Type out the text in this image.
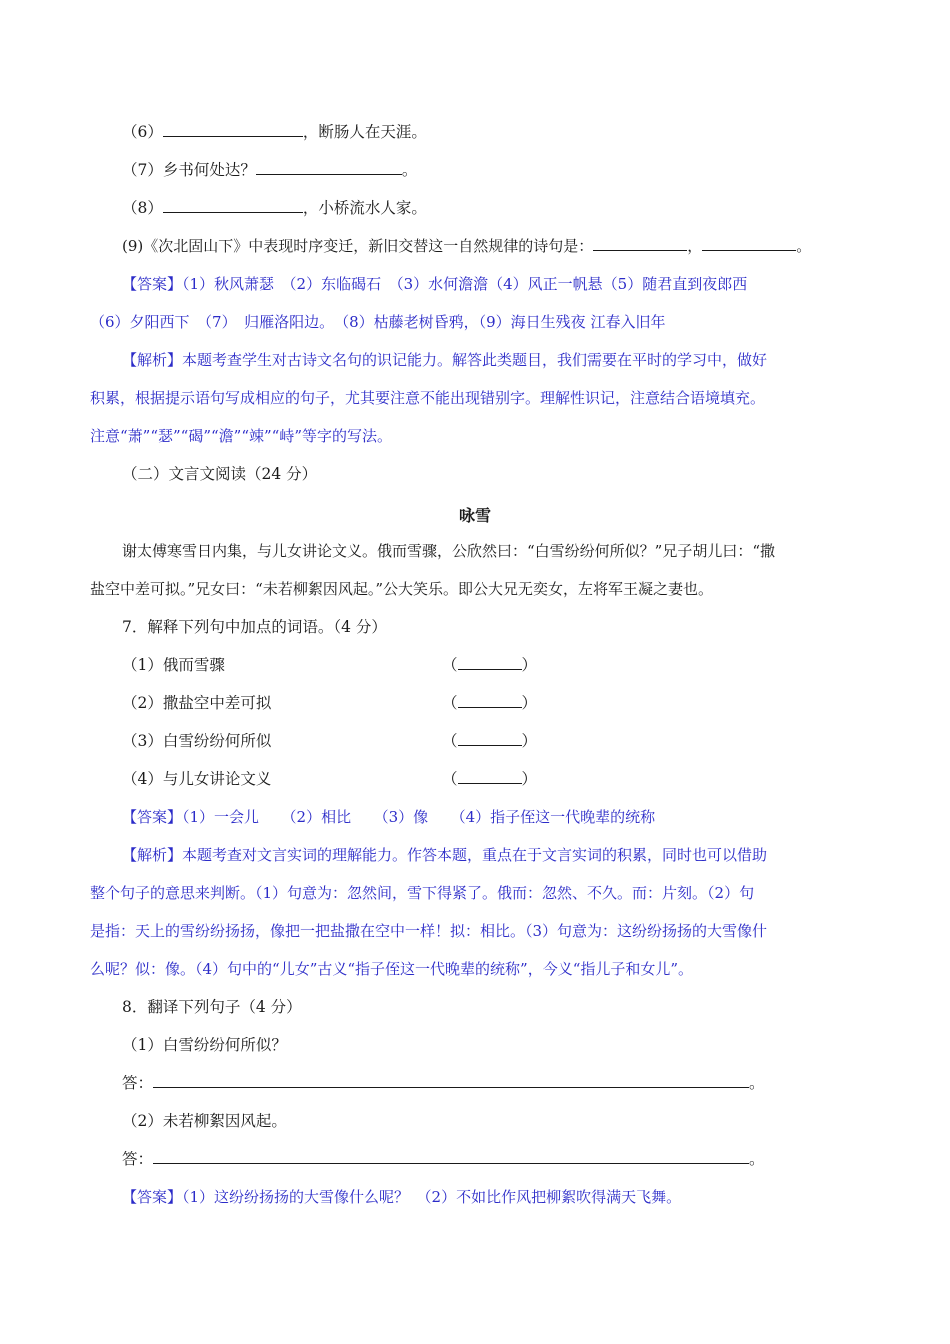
（6）	，断肠人在天涯。
（7）乡书何处达？	。
（8）	，小桥流水人家。
(9)《次北固山下》中表现时序变迁，新旧交替这一自然规律的诗句是：	，	。
【答案】（1）秋风萧瑟　（2）东临碣石　（3）水何澹澹（4）风正一帆悬（5）随君直到夜郎西
（6）夕阳西下　（7）　归雁洛阳边。　（8）枯藤老树昏鸦，（9）海日生残夜 江春入旧年
【解析】本题考查学生对古诗文名句的识记能力。解答此类题目，我们需要在平时的学习中，做好
积累，根据提示语句写成相应的句子，尤其要注意不能出现错别字。理解性识记，注意结合语境填充。
注意“萧”“瑟”“碣”“澹”“竦”“峙”等字的写法。
（二）文言文阅读（24 分）
咏雪
谢太傅寒雪日内集，与儿女讲论文义。俄而雪骤，公欣然曰：“白雪纷纷何所似？”兄子胡儿曰：“撒
盐空中差可拟。”兄女曰：“未若柳絮因风起。”公大笑乐。即公大兄无奕女，左将军王凝之妻也。
7．解释下列句中加点的词语。（4 分）
（1）俄而雪骤	（	）
（2）撒盐空中差可拟	（	）
（3）白雪纷纷何所似	（	）
（4）与儿女讲论文义	（	）
【答案】（1）一会儿　　（2）相比　　（3）像　　（4）指子侄这一代晚辈的统称
【解析】本题考查对文言实词的理解能力。作答本题，重点在于文言实词的积累，同时也可以借助
整个句子的意思来判断。（1）句意为：忽然间，雪下得紧了。俄而：忽然、不久。而：片刻。（2）句
是指：天上的雪纷纷扬扬，像把一把盐撒在空中一样！拟：相比。（3）句意为：这纷纷扬扬的大雪像什
么呢？似：像。（4）句中的“儿女”古义“指子侄这一代晚辈的统称”，今义“指儿子和女儿”。
8．翻译下列句子（4 分）
（1）白雪纷纷何所似？
答：	。
（2）未若柳絮因风起。
答：	。
【答案】（1）这纷纷扬扬的大雪像什么呢？　（2）不如比作风把柳絮吹得满天飞舞。
